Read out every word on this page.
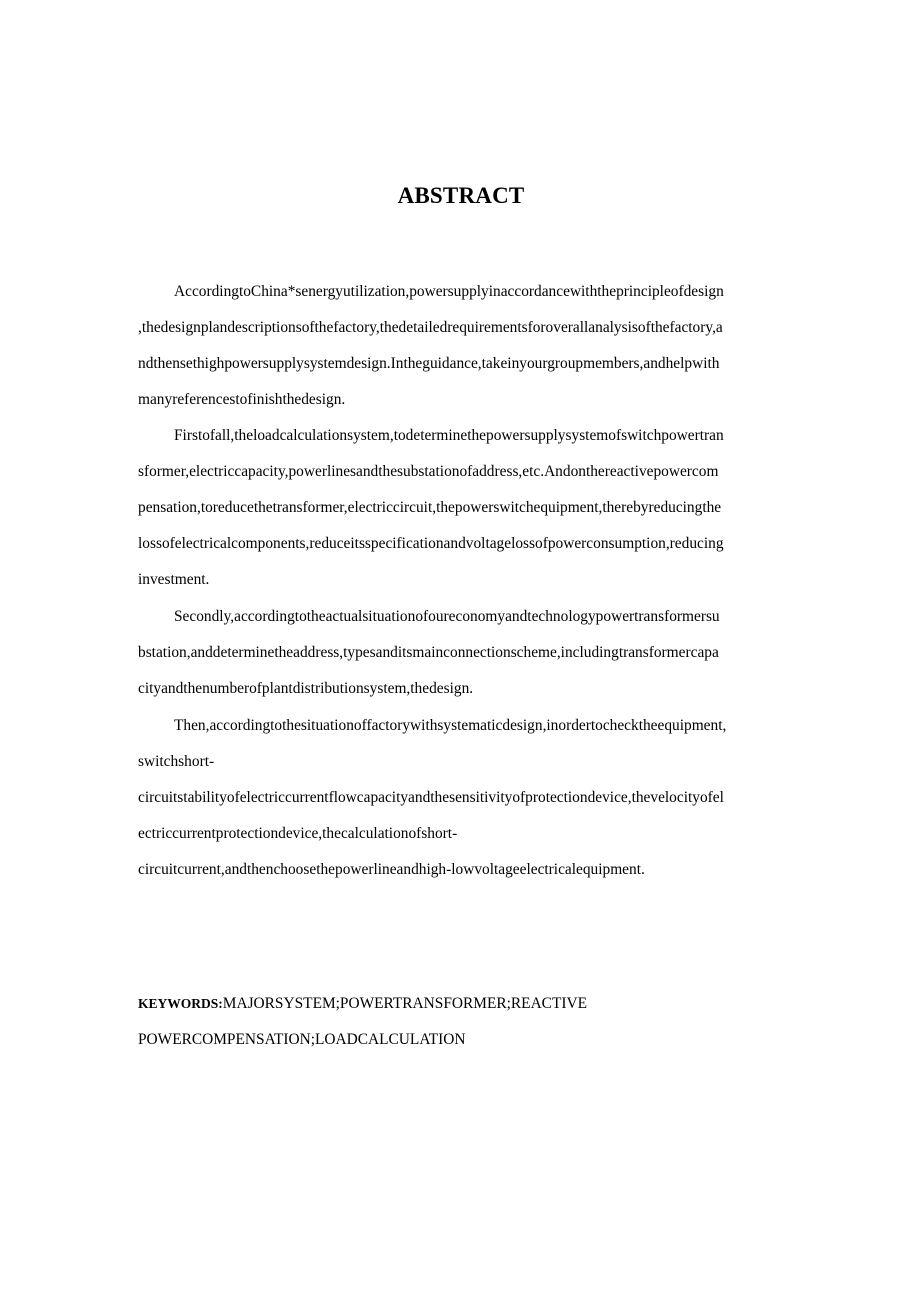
ABSTRACT

AccordingtoChina*senergyutilization,powersupplyinaccordancewiththeprincipleofdesign

,thedesignplandescriptionsofthefactory,thedetailedrequirementsforoverallanalysisofthefactory,a

ndthensethighpowersupplysystemdesign.Intheguidance,takeinyourgroupmembers,andhelpwith

manyreferencestofinishthedesign.

Firstofall,theloadcalculationsystem,todeterminethepowersupplysystemofswitchpowertran

sformer,electriccapacity,powerlinesandthesubstationofaddress,etc.Andonthereactivepowercom

pensation,toreducethetransformer,electriccircuit,thepowerswitchequipment,therebyreducingthe

lossofelectricalcomponents,reduceitsspecificationandvoltagelossofpowerconsumption,reducing

investment.

Secondly,accordingtotheactualsituationofoureconomyandtechnologypowertransformersu

bstation,anddeterminetheaddress,typesanditsmainconnectionscheme,includingtransformercapa

cityandthenumberofplantdistributionsystem,thedesign.

Then,accordingtothesituationoffactorywithsystematicdesign,inordertochecktheequipment,

switchshort-

circuitstabilityofelectriccurrentflowcapacityandthesensitivityofprotectiondevice,thevelocityofel

ectriccurrentprotectiondevice,thecalculationofshort-

circuitcurrent,andthenchoosethepowerlineandhigh-lowvoltageelectricalequipment.

KEYWORDS:MAJORSYSTEM;POWERTRANSFORMER;REACTIVE

POWERCOMPENSATION;LOADCALCULATION
